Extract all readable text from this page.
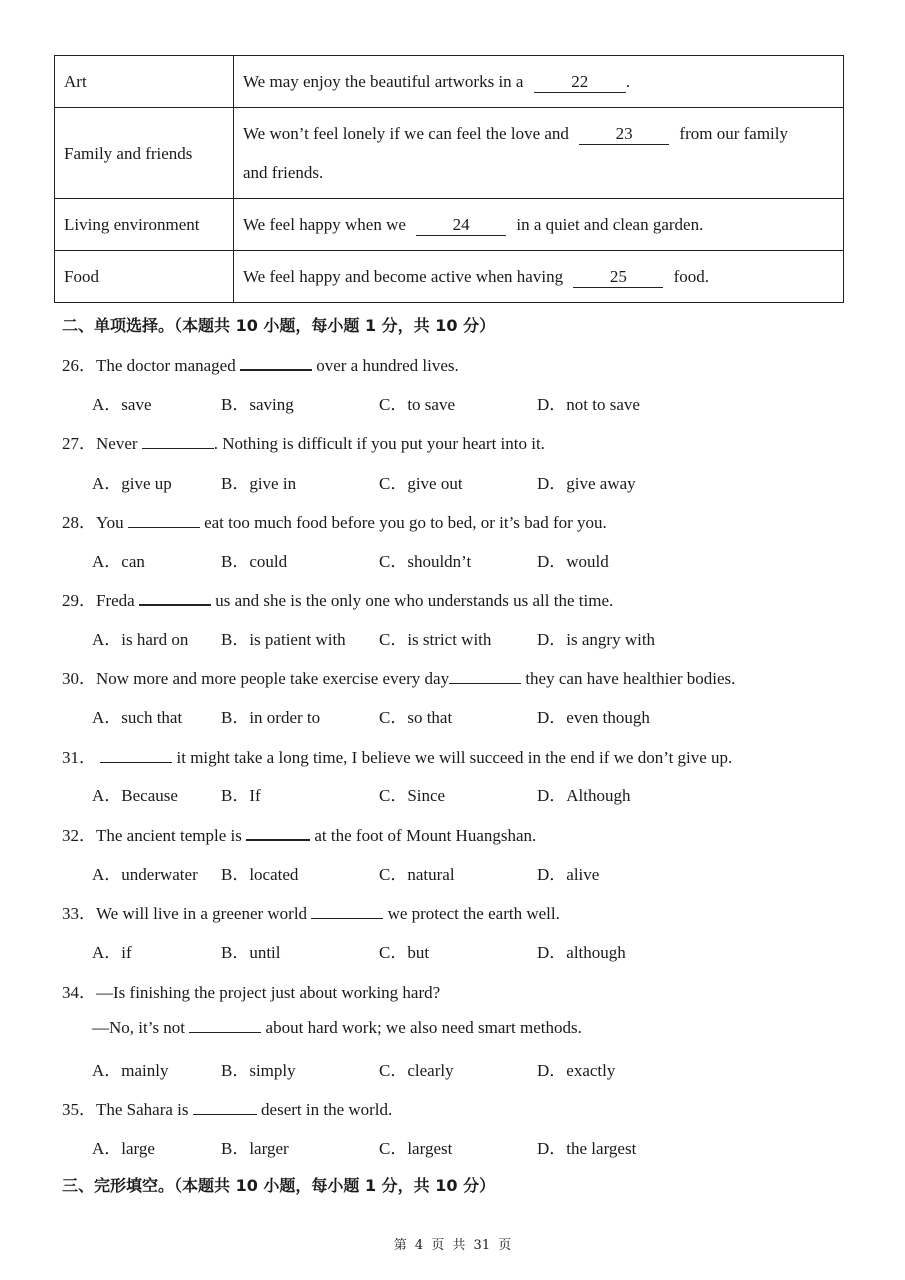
Art	We may enjoy the beautiful artworks in a 22 .
Family and friends	We won’t feel lonely if we can feel the love and 23 from our family
and friends.
Living environment	We feel happy when we 24 in a quiet and clean garden.
Food	We feel happy and become active when having 25 food.
二、单项选择。（本题共 10 小题，每小题 1 分，共 10 分）
26．The doctor managed	over a hundred lives.
A．save	B．saving	C．to save	D．not to save
27．Never	. Nothing is difficult if you put your heart into it.
A．give up	B．give in	C．give out	D．give away
28．You	eat too much food before you go to bed, or it’s bad for you.
A．can	B．could	C．shouldn’t	D．would
29．Freda	us and she is the only one who understands us all the time.
A．is hard on B．is patient with C．is strict with	D．is angry with
30．Now more and more people take exercise every day	they can have healthier bodies.
A．such that B．in order to	C．so that	D．even though
31．	it might take a long time, I believe we will succeed in the end if we don’t give up.
A．Because	B．If	C．Since	D．Although
32．The ancient temple is	at the foot of Mount Huangshan.
A．underwater B．located	C．natural	D．alive
33．We will live in a greener world	we protect the earth well.
A．if	B．until	C．but	D．although
34．—Is finishing the project just about working hard?
—No, it’s not	about hard work; we also need smart methods.
A．mainly	B．simply	C．clearly	D．exactly
35．The Sahara is	desert in the world.
A．large	B．larger	C．largest	D．the largest
三、完形填空。（本题共 10 小题，每小题 1 分，共 10 分）
第 4 页 共 31 页
